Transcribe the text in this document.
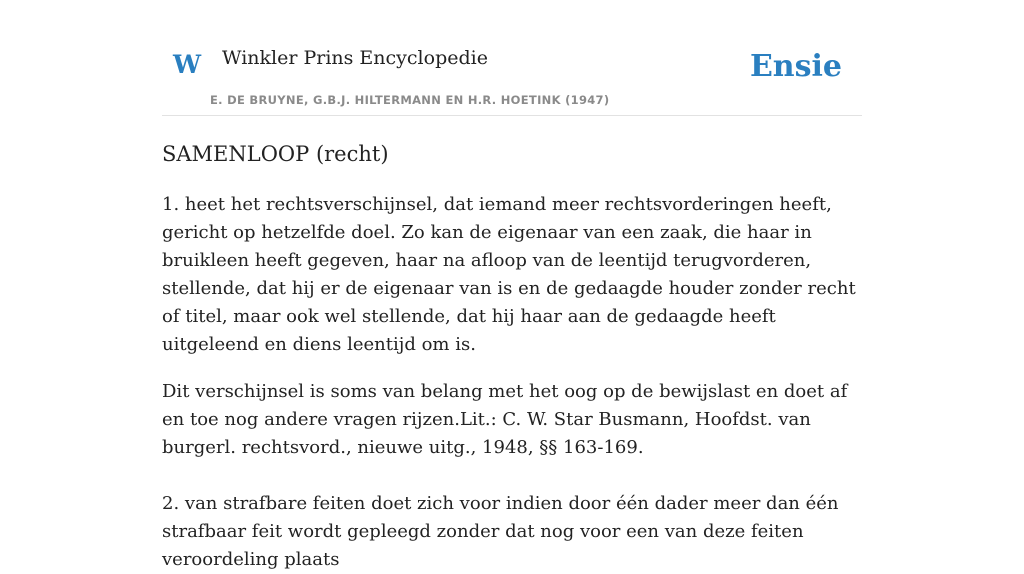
W Winkler Prins Encyclopedie
E. DE BRUYNE, G.B.J. HILTERMANN EN H.R. HOETINK (1947)
Ensie
SAMENLOOP (recht)

1. heet het rechtsverschijnsel, dat iemand meer rechtsvorderingen heeft, gericht op hetzelfde doel. Zo kan de eigenaar van een zaak, die haar in bruikleen heeft gegeven, haar na afloop van de leentijd terugvorderen, stellende, dat hij er de eigenaar van is en de gedaagde houder zonder recht of titel, maar ook wel stellende, dat hij haar aan de gedaagde heeft uitgeleend en diens leentijd om is.

Dit verschijnsel is soms van belang met het oog op de bewijslast en doet af en toe nog andere vragen rijzen.Lit.: C. W. Star Busmann, Hoofdst. van burgerl. rechtsvord., nieuwe uitg., 1948, §§ 163-169.

2. van strafbare feiten doet zich voor indien door één dader meer dan één strafbaar feit wordt gepleegd zonder dat nog voor een van deze feiten veroordeling plaats
